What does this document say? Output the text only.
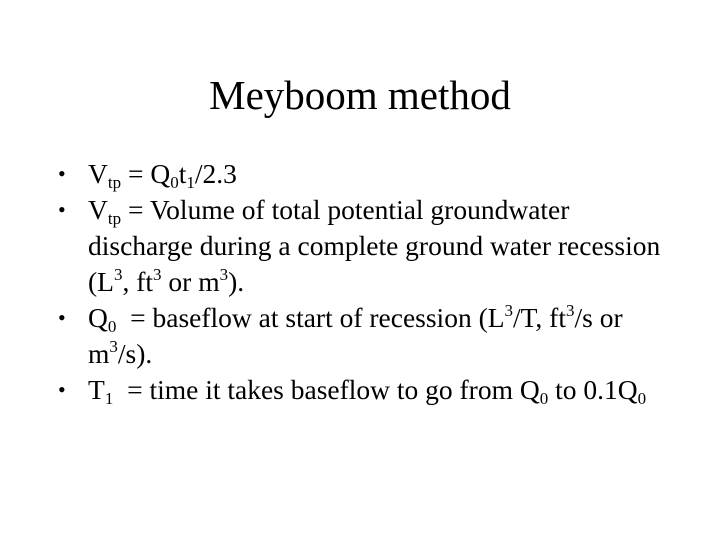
Meyboom method
• $V_{tp} = Q_0t_1/2.3$
• $V_{tp}$ = Volume of total potential groundwater discharge during a complete ground water recession ($L^3$, $ft^3$ or $m^3$).
• $Q_0$  = baseflow at start of recession ($L^3/T$, $ft^3/s$ or $m^3/s$).
• $T_1$  = time it takes baseflow to go from $Q_0$ to $0.1Q_0$
